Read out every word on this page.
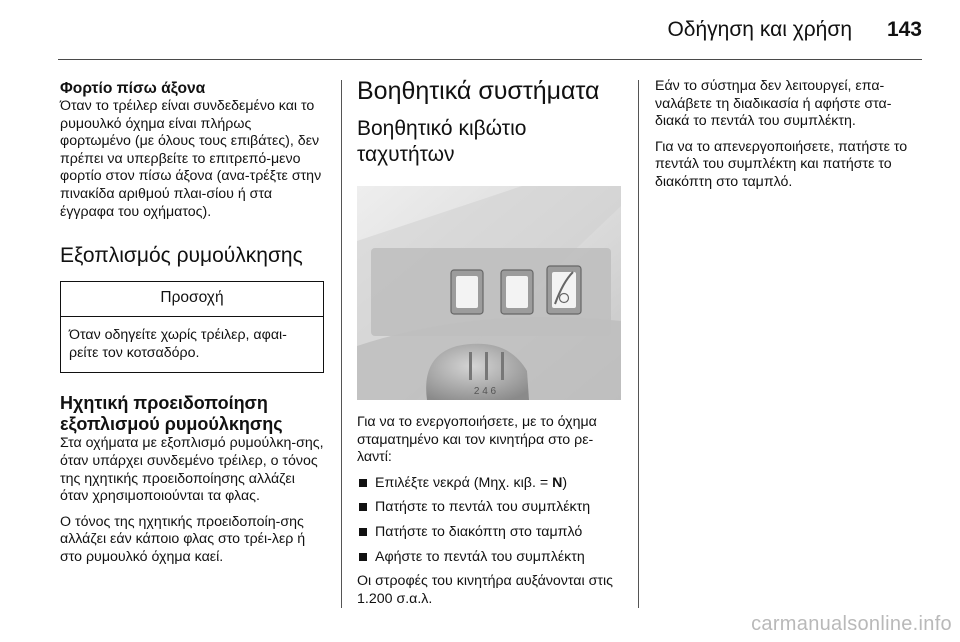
Οδήγηση και χρήση 143
Φορτίο πίσω άξονα

Όταν το τρέιλερ είναι συνδεδεμένο και το ρυμουλκό όχημα είναι πλήρως φορτωμένο (με όλους τους επιβάτες), δεν πρέπει να υπερβείτε το επιτρεπό-μενο φορτίο στον πίσω άξονα (ανα-τρέξτε στην πινακίδα αριθμού πλαι-σίου ή στα έγγραφα του οχήματος).

Εξοπλισμός ρυμούλκησης
Προσοχή
Όταν οδηγείτε χωρίς τρέιλερ, αφαι-ρείτε τον κοτσαδόρο.
Ηχητική προειδοποίηση εξοπλισμού ρυμούλκησης

Στα οχήματα με εξοπλισμό ρυμούλκη-σης, όταν υπάρχει συνδεμένο τρέιλερ, ο τόνος της ηχητικής προειδοποίησης αλλάζει όταν χρησιμοποιούνται τα φλας.

Ο τόνος της ηχητικής προειδοποίη-σης αλλάζει εάν κάποιο φλας στο τρέι-λερ ή στο ρυμουλκό όχημα καεί.

Βοηθητικά συστήματα
Βοηθητικό κιβώτιο ταχυτήτων
2 4 6

Για να το ενεργοποιήσετε, με το όχημα σταματημένο και τον κινητήρα στο ρε-λαντί:

Επιλέξτε νεκρά (Μηχ. κιβ. = N)
Πατήστε το πεντάλ του συμπλέκτη
Πατήστε το διακόπτη στο ταμπλό
Αφήστε το πεντάλ του συμπλέκτη

Οι στροφές του κινητήρα αυξάνονται στις 1.200 σ.α.λ.

Εάν το σύστημα δεν λειτουργεί, επα-ναλάβετε τη διαδικασία ή αφήστε στα-διακά το πεντάλ του συμπλέκτη.

Για να το απενεργοποιήσετε, πατήστε το πεντάλ του συμπλέκτη και πατήστε το διακόπτη στο ταμπλό.

carmanualsonline.info
